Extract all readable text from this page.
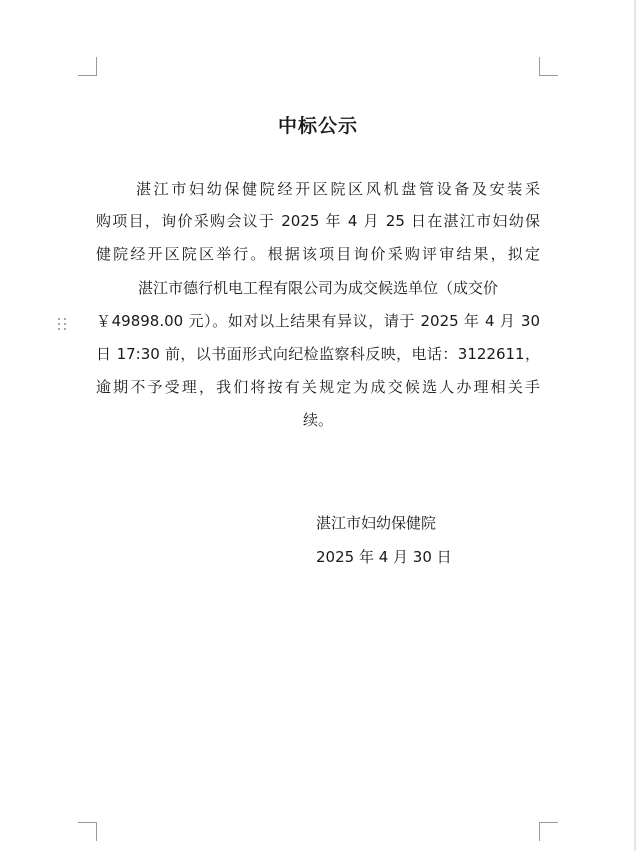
中标公示
湛江市妇幼保健院经开区院区风机盘管设备及安装采
购项目，询价采购会议于 2025 年 4 月 25 日在湛江市妇幼保
健院经开区院区举行。根据该项目询价采购评审结果，拟定
湛江市德行机电工程有限公司为成交候选单位（成交价
￥49898.00 元）。如对以上结果有异议，请于 2025 年 4 月 30
日 17:30 前，以书面形式向纪检监察科反映，电话：3122611，
逾期不予受理，我们将按有关规定为成交候选人办理相关手
续。
湛江市妇幼保健院
2025 年 4 月 30 日
